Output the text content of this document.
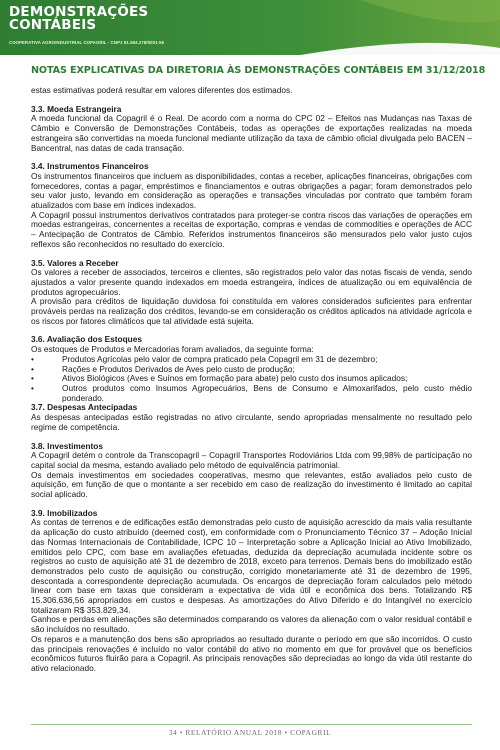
DEMONSTRAÇÕES
CONTÁBEIS
COOPERATIVA AGROINDUSTRIAL COPAGRIL - CNPJ 81.584.278/0001-55
NOTAS EXPLICATIVAS DA DIRETORIA ÀS DEMONSTRAÇÕES CONTÁBEIS EM 31/12/2018

estas estimativas poderá resultar em valores diferentes dos estimados.

3.3. Moeda Estrangeira

A moeda funcional da Copagril é o Real. De acordo com a norma do CPC 02 – Efeitos nas Mudanças nas Taxas de Câmbio e Conversão de Demonstrações Contábeis, todas as operações de exportações realizadas na moeda estrangeira são convertidas na moeda funcional mediante utilização da taxa de câmbio oficial divulgada pelo BACEN – Bancentral, nas datas de cada transação.

3.4. Instrumentos Financeiros

Os instrumentos financeiros que incluem as disponibilidades, contas a receber, aplicações financeiras, obrigações com fornecedores, contas a pagar, empréstimos e financiamentos e outras obrigações a pagar; foram demonstrados pelo seu valor justo, levando em consideração as operações e transações vinculadas por contrato que também foram atualizados com base em índices indexados.

A Copagril possui instrumentos derivativos contratados para proteger-se contra riscos das variações de operações em moedas estrangeiras, concernentes a receitas de exportação, compras e vendas de commodities e operações de ACC – Antecipação de Contratos de Câmbio. Referidos instrumentos financeiros são mensurados pelo valor justo cujos reflexos são reconhecidos no resultado do exercício.

3.5. Valores a Receber

Os valores a receber de associados, terceiros e clientes, são registrados pelo valor das notas fiscais de venda, sendo ajustados a valor presente quando indexados em moeda estrangeira, índices de atualização ou em equivalência de produtos agropecuários.

A provisão para créditos de liquidação duvidosa foi constituída em valores considerados suficientes para enfrentar prováveis perdas na realização dos créditos, levando-se em consideração os créditos aplicados na atividade agrícola e os riscos por fatores climáticos que tal atividade está sujeita.

3.6. Avaliação dos Estoques

Os estoques de Produtos e Mercadorias foram avaliados, da seguinte forma:

•	Produtos Agrícolas pelo valor de compra praticado pela Copagril em 31 de dezembro;
•	Rações e Produtos Derivados de Aves pelo custo de produção;
•	Ativos Biológicos (Aves e Suínos em formação para abate) pelo custo dos insumos aplicados;
•	Outros produtos como Insumos Agropecuários, Bens de Consumo e Almoxarifados, pelo custo médio ponderado.
3.7. Despesas Antecipadas

As despesas antecipadas estão registradas no ativo circulante, sendo apropriadas mensalmente no resultado pelo regime de competência.

3.8. Investimentos

A Copagril detém o controle da Transcopagril – Copagril Transportes Rodoviários Ltda com 99,98% de participação no capital social da mesma, estando avaliado pelo método de equivalência patrimonial.

Os demais investimentos em sociedades cooperativas, mesmo que relevantes, estão avaliados pelo custo de aquisição, em função de que o montante a ser recebido em caso de realização do investimento é limitado ao capital social aplicado.

3.9. Imobilizados

As contas de terrenos e de edificações estão demonstradas pelo custo de aquisição acrescido da mais valia resultante da aplicação do custo atribuído (deemed cost), em conformidade com o Pronunciamento Técnico 37 – Adoção Inicial das Normas Internacionais de Contabilidade, ICPC 10 – Interpretação sobre a Aplicação Inicial ao Ativo Imobilizado, emitidos pelo CPC, com base em avaliações efetuadas, deduzida da depreciação acumulada incidente sobre os registros ao custo de aquisição até 31 de dezembro de 2018, exceto para terrenos. Demais bens do imobilizado estão demonstrados pelo custo de aquisição ou construção, corrigido monetariamente até 31 de dezembro de 1995, descontada a correspondente depreciação acumulada. Os encargos de depreciação foram calculados pelo método linear com base em taxas que consideram a expectativa de vida útil e econômica dos bens. Totalizando R$ 15.306.636,56 apropriados em custos e despesas. As amortizações do Ativo Diferido e do Intangível no exercício totalizaram R$ 353.829,34.

Ganhos e perdas em alienações são determinados comparando os valores da alienação com o valor residual contábil e são incluídos no resultado.

Os reparos e a manutenção dos bens são apropriados ao resultado durante o período em que são incorridos. O custo das principais renovações é incluído no valor contábil do ativo no momento em que for provável que os benefícios econômicos futuros fluirão para a Copagril. As principais renovações são depreciadas ao longo da vida útil restante do ativo relacionado.

34 • RELATÓRIO ANUAL 2018 • COPAGRIL
